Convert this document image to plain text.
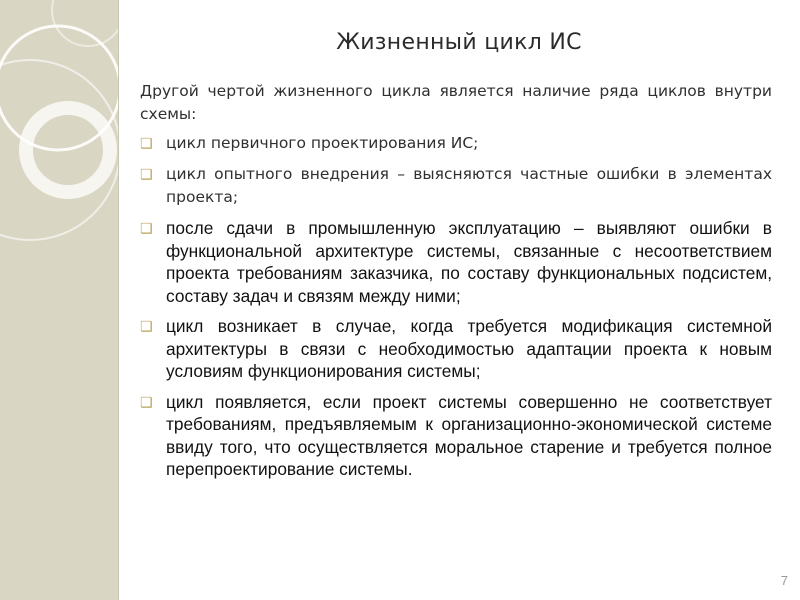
Жизненный цикл ИС

Другой чертой жизненного цикла является наличие ряда циклов внутри схемы:

❑ цикл первичного проектирования ИС;
❑ цикл опытного внедрения – выясняются частные ошибки в элементах проекта;
❑ после сдачи в промышленную эксплуатацию – выявляют ошибки в функциональной архитектуре системы, связанные с несоответствием проекта требованиям заказчика, по составу функциональных подсистем, составу задач и связям между ними;
❑ цикл возникает в случае, когда требуется модификация системной архитектуры в связи с необходимостью адаптации проекта к новым условиям функционирования системы;
❑ цикл появляется, если проект системы совершенно не соответствует требованиям, предъявляемым к организационно-экономической системе ввиду того, что осуществляется моральное старение и требуется полное перепроектирование системы.
7
